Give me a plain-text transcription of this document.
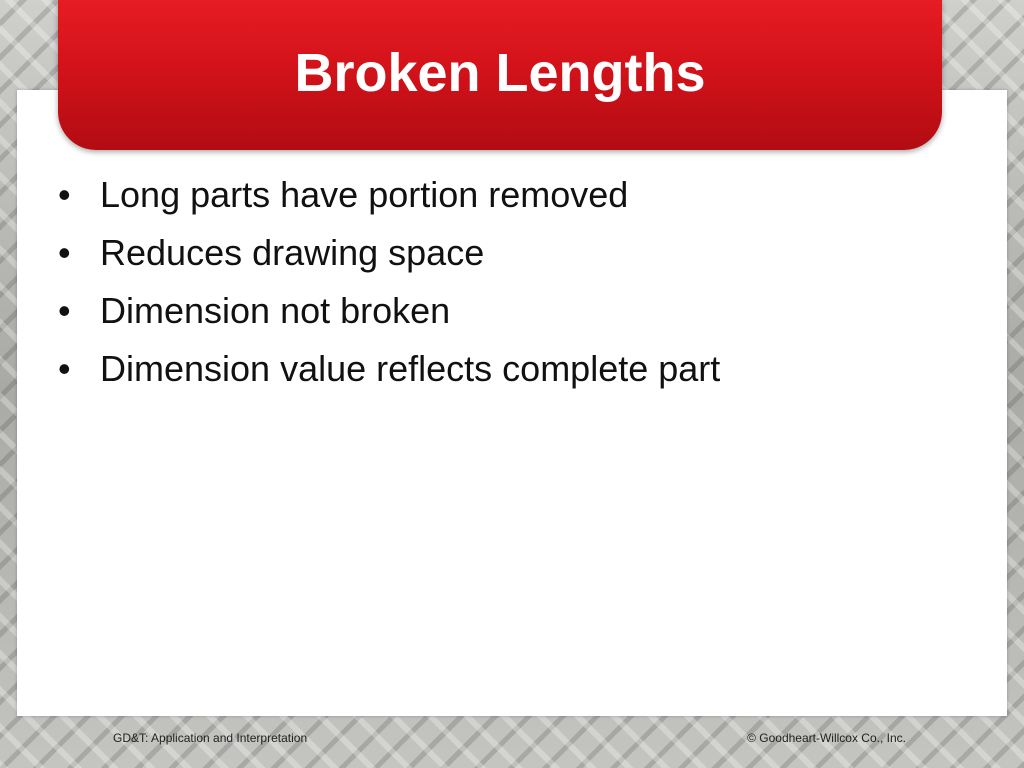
Broken Lengths
• Long parts have portion removed
• Reduces drawing space
• Dimension not broken
• Dimension value reflects complete part
GD&T: Application and Interpretation	© Goodheart-Willcox Co., Inc.
